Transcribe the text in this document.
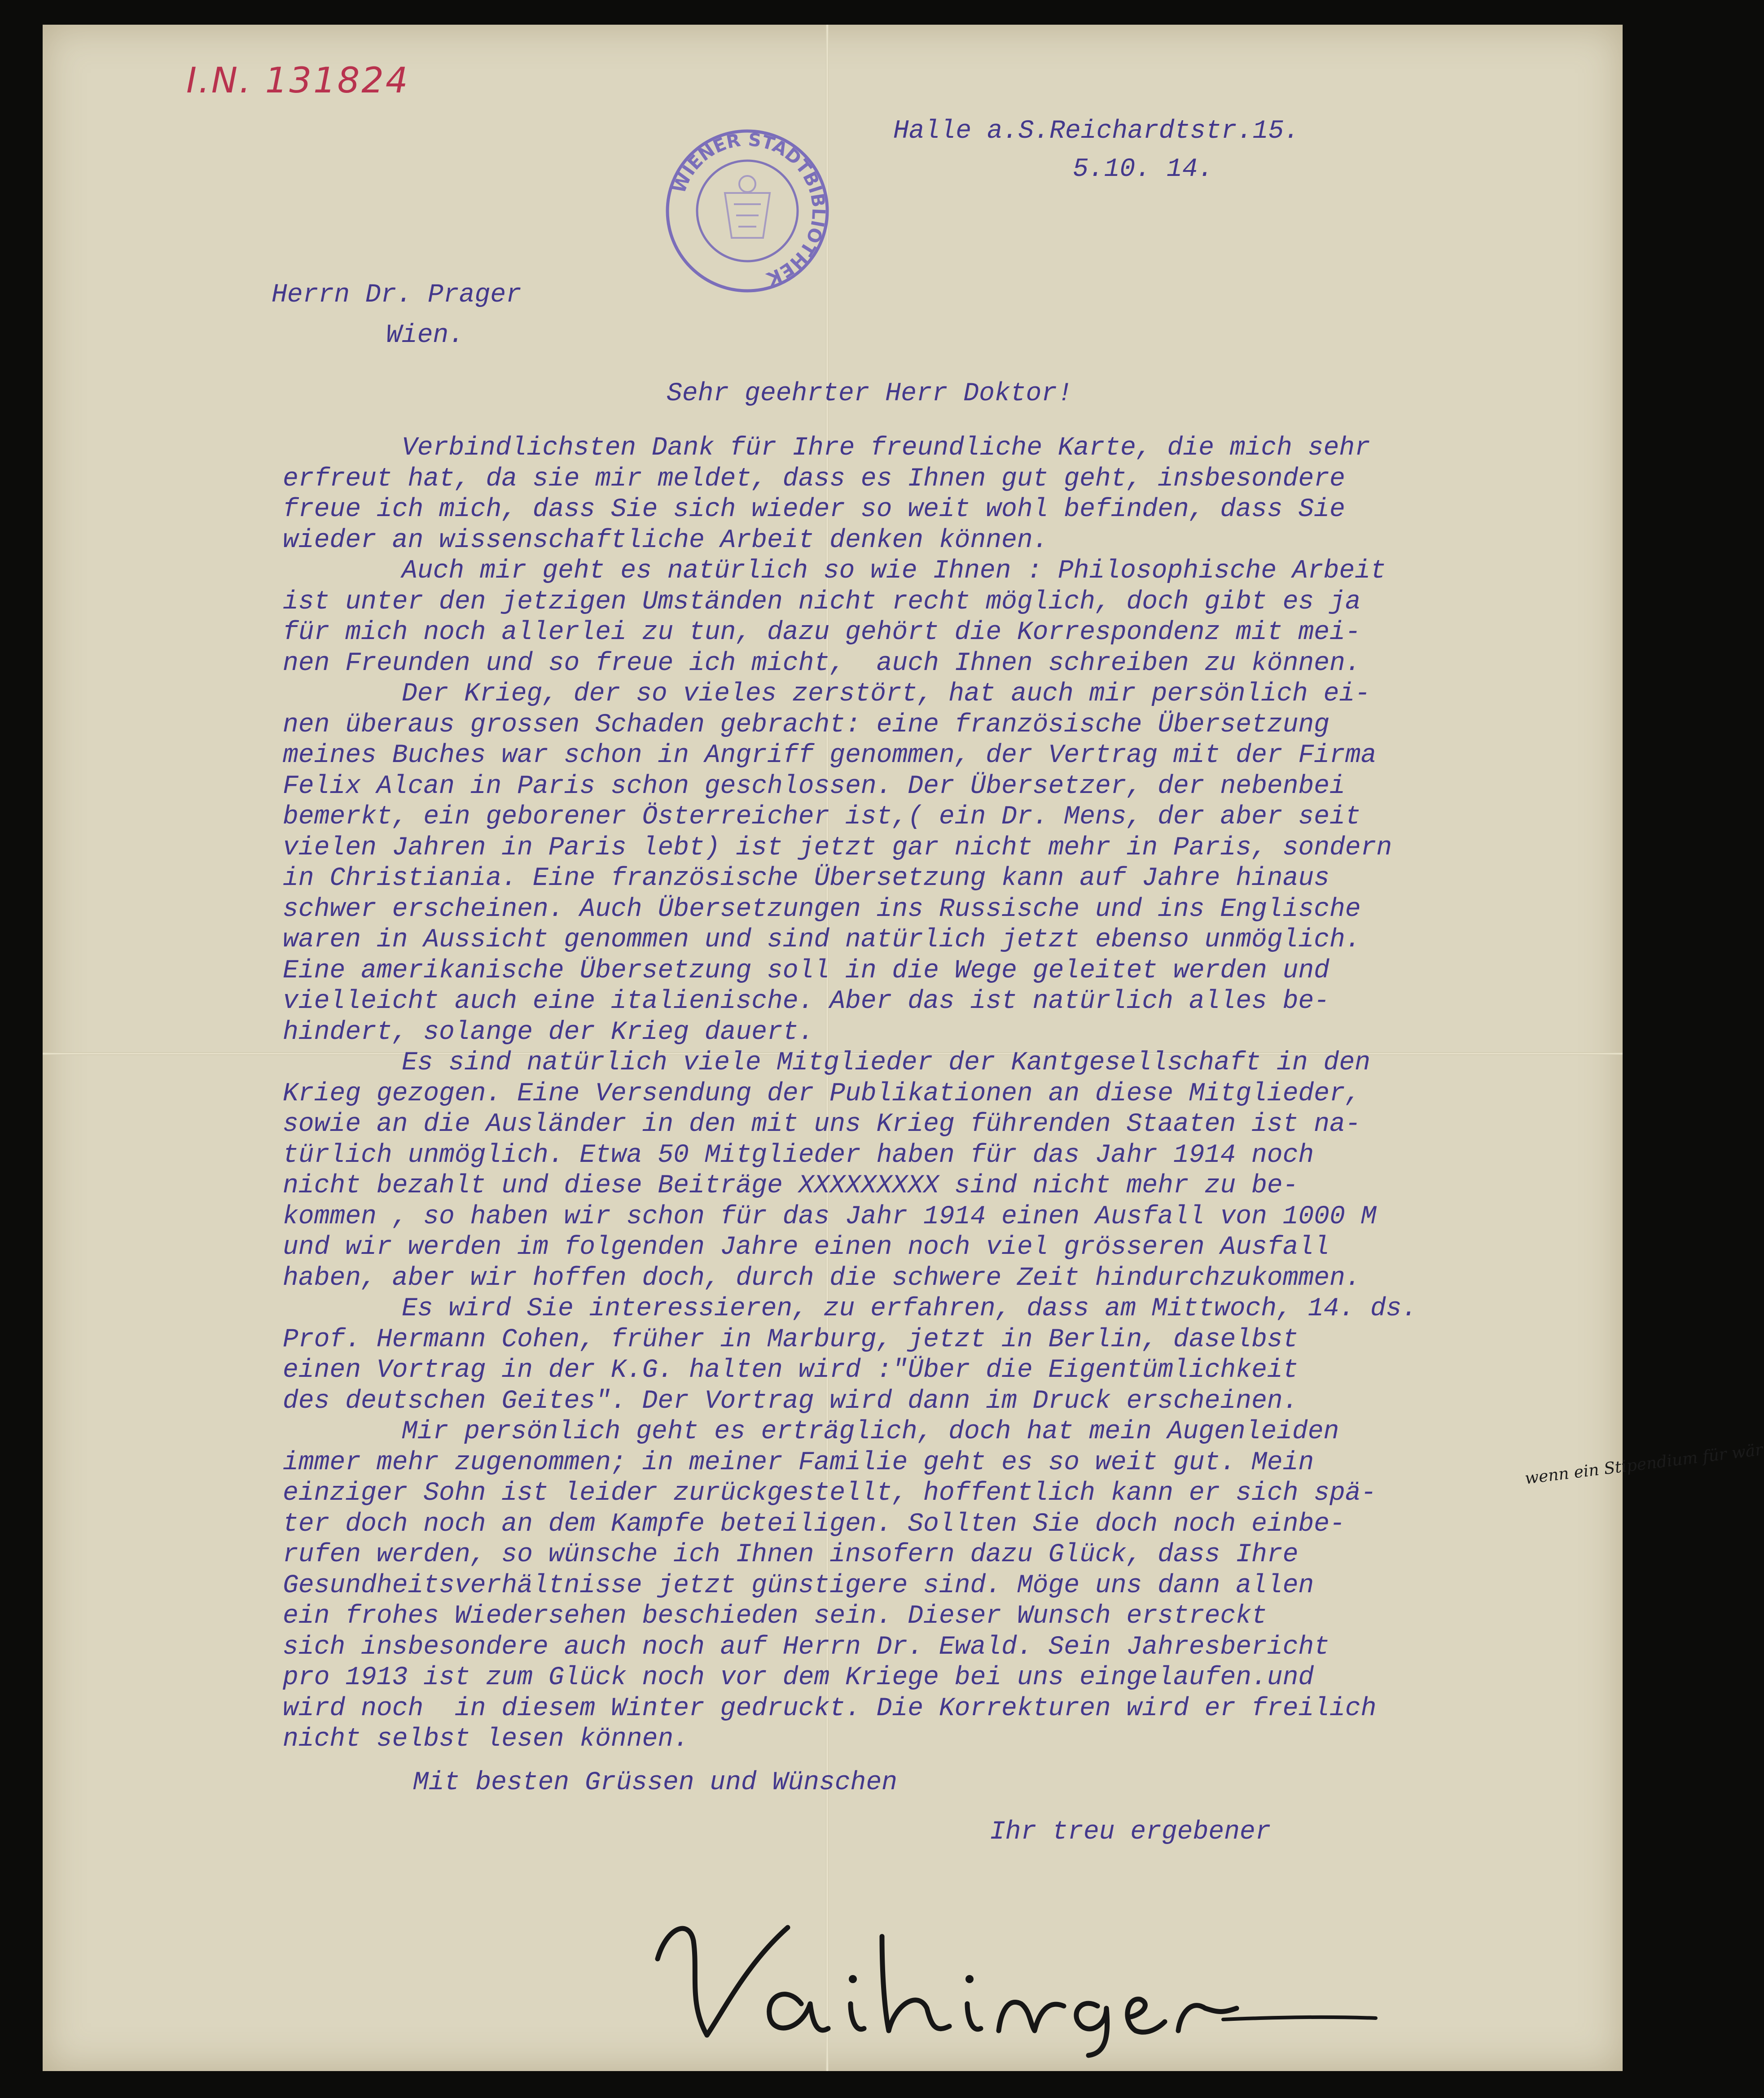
I.N. 131824
WIENER STADTBIBLIOTHEK
Halle a.S.Reichardtstr.15.
5.10. 14.
Herrn Dr. Prager
Wien.
Sehr geehrter Herr Doktor!
Verbindlichsten Dank für Ihre freundliche Karte, die mich sehr
erfreut hat, da sie mir meldet, dass es Ihnen gut geht, insbesondere
freue ich mich, dass Sie sich wieder so weit wohl befinden, dass Sie
wieder an wissenschaftliche Arbeit denken können.
Auch mir geht es natürlich so wie Ihnen : Philosophische Arbeit
ist unter den jetzigen Umständen nicht recht möglich, doch gibt es ja
für mich noch allerlei zu tun, dazu gehört die Korrespondenz mit mei-
nen Freunden und so freue ich micht,  auch Ihnen schreiben zu können.
Der Krieg, der so vieles zerstört, hat auch mir persönlich ei-
nen überaus grossen Schaden gebracht: eine französische Übersetzung
meines Buches war schon in Angriff genommen, der Vertrag mit der Firma
Felix Alcan in Paris schon geschlossen. Der Übersetzer, der nebenbei
bemerkt, ein geborener Österreicher ist,( ein Dr. Mens, der aber seit
vielen Jahren in Paris lebt) ist jetzt gar nicht mehr in Paris, sondern
in Christiania. Eine französische Übersetzung kann auf Jahre hinaus
schwer erscheinen. Auch Übersetzungen ins Russische und ins Englische
waren in Aussicht genommen und sind natürlich jetzt ebenso unmöglich.
Eine amerikanische Übersetzung soll in die Wege geleitet werden und
vielleicht auch eine italienische. Aber das ist natürlich alles be-
hindert, solange der Krieg dauert.
Es sind natürlich viele Mitglieder der Kantgesellschaft in den
Krieg gezogen. Eine Versendung der Publikationen an diese Mitglieder,
sowie an die Ausländer in den mit uns Krieg führenden Staaten ist na-
türlich unmöglich. Etwa 50 Mitglieder haben für das Jahr 1914 noch
nicht bezahlt und diese Beiträge XXXXXXXXX sind nicht mehr zu be-
kommen , so haben wir schon für das Jahr 1914 einen Ausfall von 1000 M
und wir werden im folgenden Jahre einen noch viel grösseren Ausfall
haben, aber wir hoffen doch, durch die schwere Zeit hindurchzukommen.
Es wird Sie interessieren, zu erfahren, dass am Mittwoch, 14. ds.
Prof. Hermann Cohen, früher in Marburg, jetzt in Berlin, daselbst
einen Vortrag in der K.G. halten wird :"Über die Eigentümlichkeit
des deutschen Geites". Der Vortrag wird dann im Druck erscheinen.
Mir persönlich geht es erträglich, doch hat mein Augenleiden
immer mehr zugenommen; in meiner Familie geht es so weit gut. Mein
einziger Sohn ist leider zurückgestellt, hoffentlich kann er sich spä-
ter doch noch an dem Kampfe beteiligen. Sollten Sie doch noch einbe-
rufen werden, so wünsche ich Ihnen insofern dazu Glück, dass Ihre
Gesundheitsverhältnisse jetzt günstigere sind. Möge uns dann allen
ein frohes Wiedersehen beschieden sein. Dieser Wunsch erstreckt
sich insbesondere auch noch auf Herrn Dr. Ewald. Sein Jahresbericht
pro 1913 ist zum Glück noch vor dem Kriege bei uns eingelaufen.und
wird noch  in diesem Winter gedruckt. Die Korrekturen wird er freilich
nicht selbst lesen können.
wenn ein Stipendium für wär
Mit besten Grüssen und Wünschen
Ihr treu ergebener
